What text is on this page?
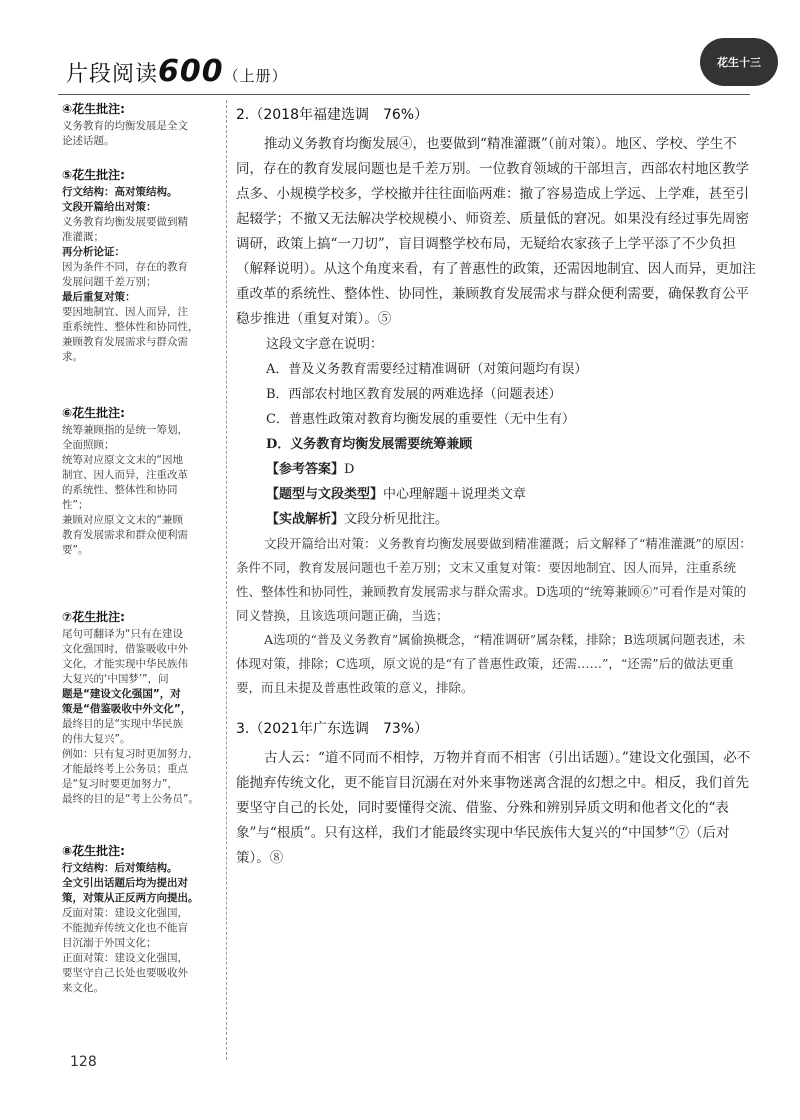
片段阅读600（上册）
花生十三
④花生批注:
义务教育的均衡发展是全文
论述话题。
⑤花生批注:
行文结构：高对策结构。
文段开篇给出对策：
义务教育均衡发展要做到精
准灌溉；
再分析论证：
因为条件不同，存在的教育
发展问题千差万别；
最后重复对策：
要因地制宜、因人而异，注
重系统性、整体性和协同性，
兼顾教育发展需求与群众需
求。
⑥花生批注:
统筹兼顾指的是统一筹划，
全面照顾；
统筹对应原文文末的“因地
制宜、因人而异，注重改革
的系统性、整体性和协同
性”；
兼顾对应原文文末的“兼顾
教育发展需求和群众便利需
要”。
⑦花生批注:
尾句可翻译为“只有在建设
文化强国时，借鉴吸收中外
文化，才能实现中华民族伟
大复兴的‘中国梦’”，问
题是“建设文化强国”，对
策是“借鉴吸收中外文化”，
最终目的是“实现中华民族
的伟大复兴”。
例如：只有复习时更加努力，
才能最终考上公务员；重点
是“复习时要更加努力”，
最终的目的是“考上公务员”。
⑧花生批注:
行文结构：后对策结构。
全文引出话题后均为提出对
策，对策从正反两方向提出。
反面对策：建设文化强国，
不能抛弃传统文化也不能盲
目沉溺于外国文化；
正面对策：建设文化强国，
要坚守自己长处也要吸收外
来文化。
2.（2018年福建选调　76%）

推动义务教育均衡发展④，也要做到“精准灌溉”（前对策）。地区、学校、学生不同，存在的教育发展问题也是千差万别。一位教育领域的干部坦言，西部农村地区教学点多、小规模学校多，学校撤并往往面临两难：撤了容易造成上学远、上学难，甚至引起辍学；不撤又无法解决学校规模小、师资差、质量低的窘况。如果没有经过事先周密调研，政策上搞“一刀切”，盲目调整学校布局，无疑给农家孩子上学平添了不少负担（解释说明）。从这个角度来看，有了普惠性的政策，还需因地制宜、因人而异，更加注重改革的系统性、整体性、协同性，兼顾教育发展需求与群众便利需要，确保教育公平稳步推进（重复对策）。⑤

这段文字意在说明：

A．普及义务教育需要经过精准调研（对策问题均有误）

B．西部农村地区教育发展的两难选择（问题表述）

C．普惠性政策对教育均衡发展的重要性（无中生有）

D．义务教育均衡发展需要统筹兼顾

【参考答案】D

【题型与文段类型】中心理解题＋说理类文章

【实战解析】文段分析见批注。

文段开篇给出对策：义务教育均衡发展要做到精准灌溉；后文解释了“精准灌溉”的原因：条件不同，教育发展问题也千差万别；文末又重复对策：要因地制宜、因人而异，注重系统性、整体性和协同性，兼顾教育发展需求与群众需求。D选项的“统筹兼顾⑥”可看作是对策的同义替换，且该选项问题正确，当选；

A选项的“普及义务教育”属偷换概念，“精准调研”属杂糅，排除；B选项属问题表述，未体现对策，排除；C选项，原文说的是“有了普惠性政策，还需……”，“还需”后的做法更重要，而且未提及普惠性政策的意义，排除。

3.（2021年广东选调　73%）

古人云：“道不同而不相悖，万物并育而不相害（引出话题）。”建设文化强国，必不能抛弃传统文化，更不能盲目沉溺在对外来事物迷离含混的幻想之中。相反，我们首先要坚守自己的长处，同时要懂得交流、借鉴、分殊和辨别异质文明和他者文化的“表象”与“根质”。只有这样，我们才能最终实现中华民族伟大复兴的“中国梦”⑦（后对策）。⑧

128
